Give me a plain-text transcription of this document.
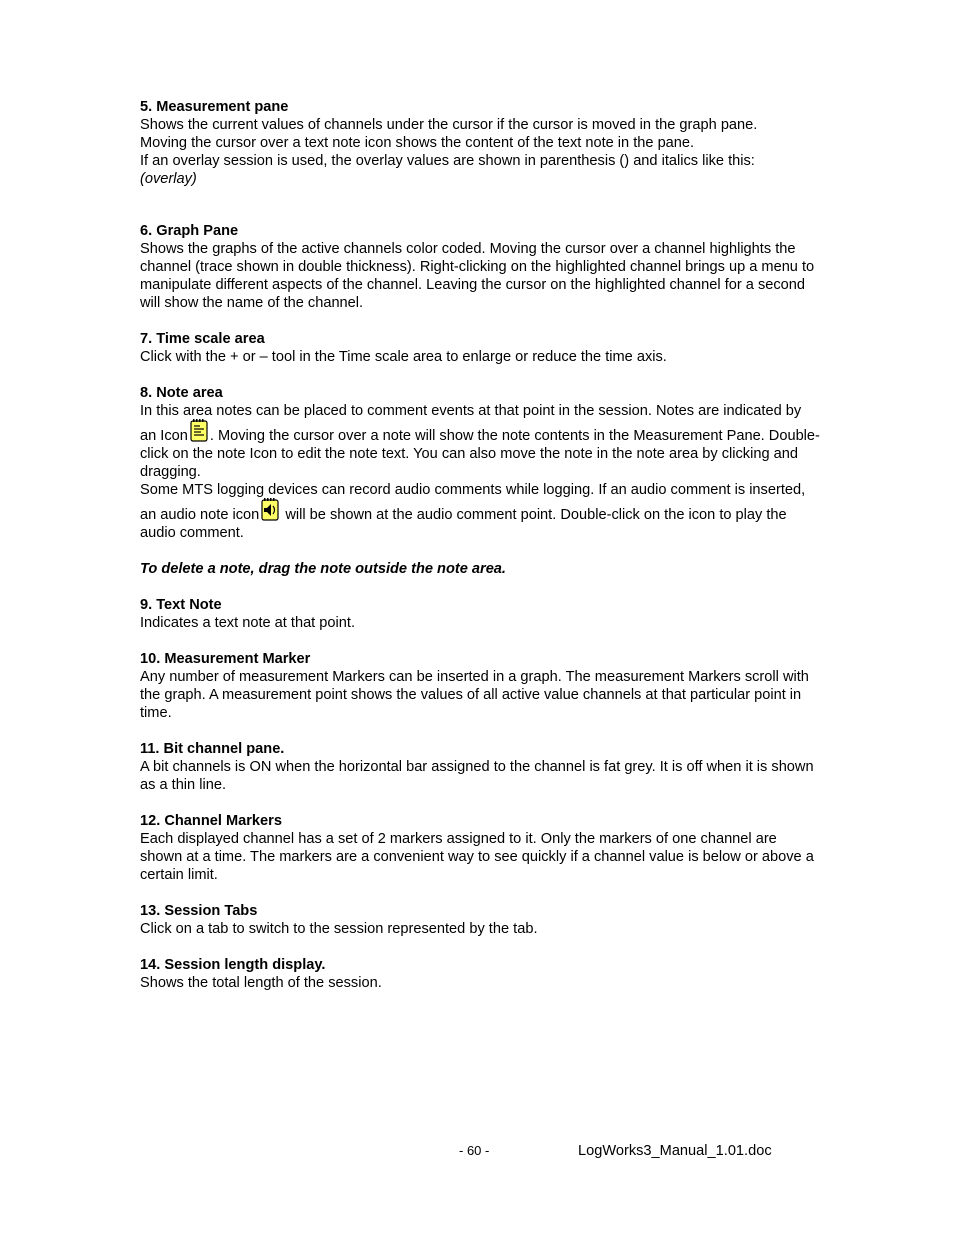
5. Measurement pane
Shows the current values of channels under the cursor if the cursor is moved in the graph pane.
Moving the cursor over a text note icon shows the content of the text note in the pane.
If an overlay session is used, the overlay values are shown in parenthesis () and italics like this:
(overlay)
6. Graph Pane
Shows the graphs of the active channels color coded. Moving the cursor over a channel highlights the channel (trace shown in double thickness). Right-clicking on the highlighted channel brings up a menu to manipulate different aspects of the channel. Leaving the cursor on the highlighted channel for a second will show the name of the channel.
7. Time scale area
Click with the + or – tool in the Time scale area to enlarge or reduce the time axis.
8. Note area
In this area notes can be placed to comment events at that point in the session. Notes are indicated by an Icon . Moving the cursor over a note will show the note contents in the Measurement Pane. Double-click on the note Icon to edit the note text. You can also move the note in the note area by clicking and dragging.
Some MTS logging devices can record audio comments while logging. If an audio comment is inserted, an audio note icon
will be shown at the audio comment point. Double-click on the icon to play the audio comment.
To delete a note, drag the note outside the note area.
9. Text Note
Indicates a text note at that point.
10. Measurement Marker
Any number of measurement Markers can be inserted in a graph. The measurement Markers scroll with the graph. A measurement point shows the values of all active value channels at that particular point in time.
11. Bit channel pane.
A bit channels is ON when the horizontal bar assigned to the channel is fat grey. It is off when it is shown as a thin line.
12. Channel Markers
Each displayed channel has a set of 2 markers assigned to it. Only the markers of one channel are shown at a time. The markers are a convenient way to see quickly if a channel value is below or above a certain limit.
13. Session Tabs
Click on a tab to switch to the session represented by the tab.
14. Session length display.
Shows the total length of the session.
- 60 -	LogWorks3_Manual_1.01.doc
